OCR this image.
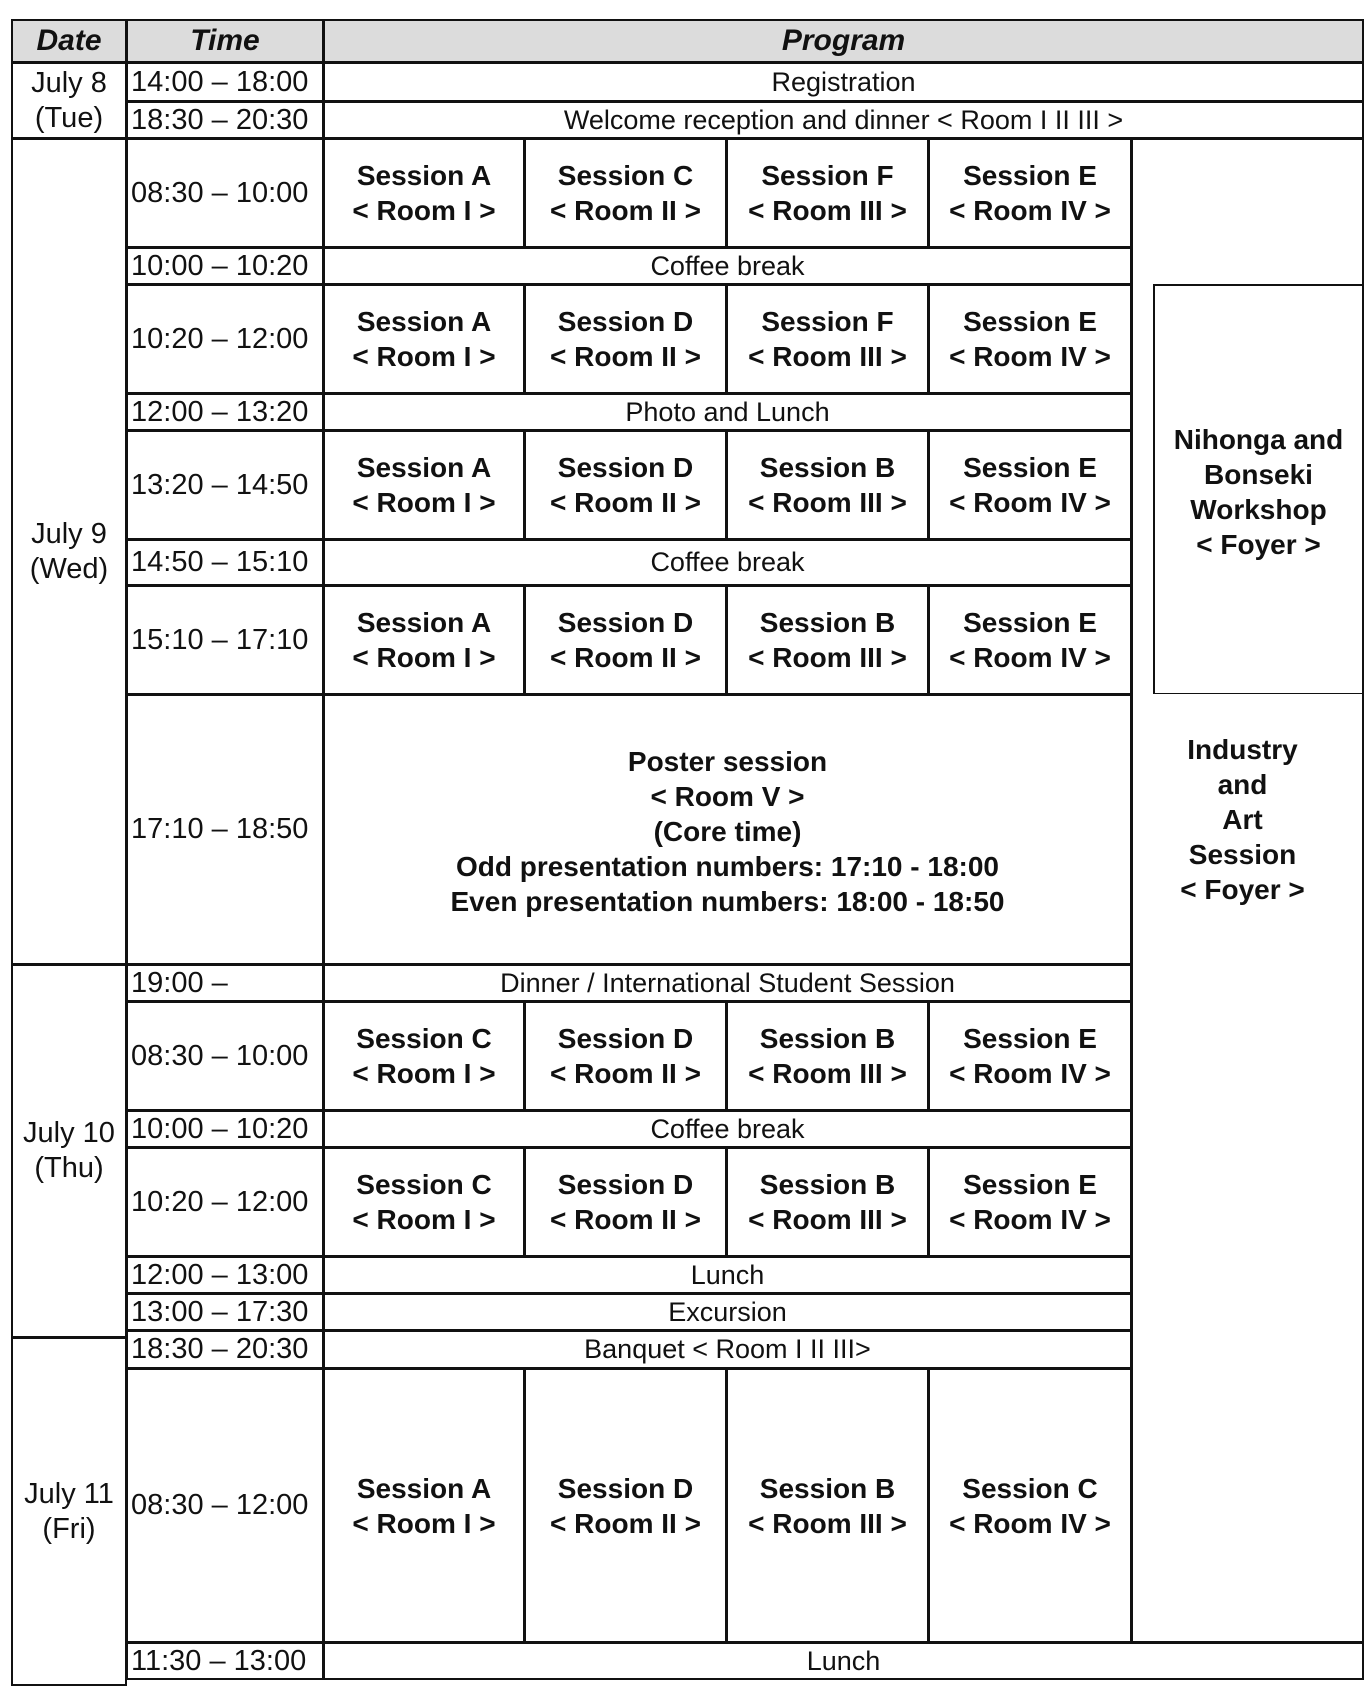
Date	Time	Program
July 8
(Tue)
July 9
(Wed)
July 10
(Thu)
July 11
(Fri)
14:00 – 18:00
18:30 – 20:30
08:30 – 10:00
10:00 – 10:20
10:20 – 12:00
12:00 – 13:20
13:20 – 14:50
14:50 – 15:10
15:10 – 17:10
17:10 – 18:50
19:00 –
08:30 – 10:00
10:00 – 10:20
10:20 – 12:00
12:00 – 13:00
13:00 – 17:30
18:30 – 20:30
08:30 – 12:00
11:30 – 13:00
Registration
Welcome reception and dinner < Room I II III >
Coffee break
Photo and Lunch
Coffee break
Dinner / International Student Session
Coffee break
Lunch
Excursion
Banquet < Room I II III>
Lunch
Session A
< Room I >
Session C
< Room II >
Session F
< Room III >
Session E
< Room IV >
Session A
< Room I >
Session D
< Room II >
Session F
< Room III >
Session E
< Room IV >
Session A
< Room I >
Session D
< Room II >
Session B
< Room III >
Session E
< Room IV >
Session A
< Room I >
Session D
< Room II >
Session B
< Room III >
Session E
< Room IV >
Session C
< Room I >
Session D
< Room II >
Session B
< Room III >
Session E
< Room IV >
Session C
< Room I >
Session D
< Room II >
Session B
< Room III >
Session E
< Room IV >
Session A
< Room I >
Session D
< Room II >
Session B
< Room III >
Session C
< Room IV >
Poster session
< Room V >
(Core time)
Odd presentation numbers: 17:10 - 18:00
Even presentation numbers: 18:00 - 18:50
Nihonga and
Bonseki
Workshop
< Foyer >
Industry
and
Art
Session
< Foyer >
